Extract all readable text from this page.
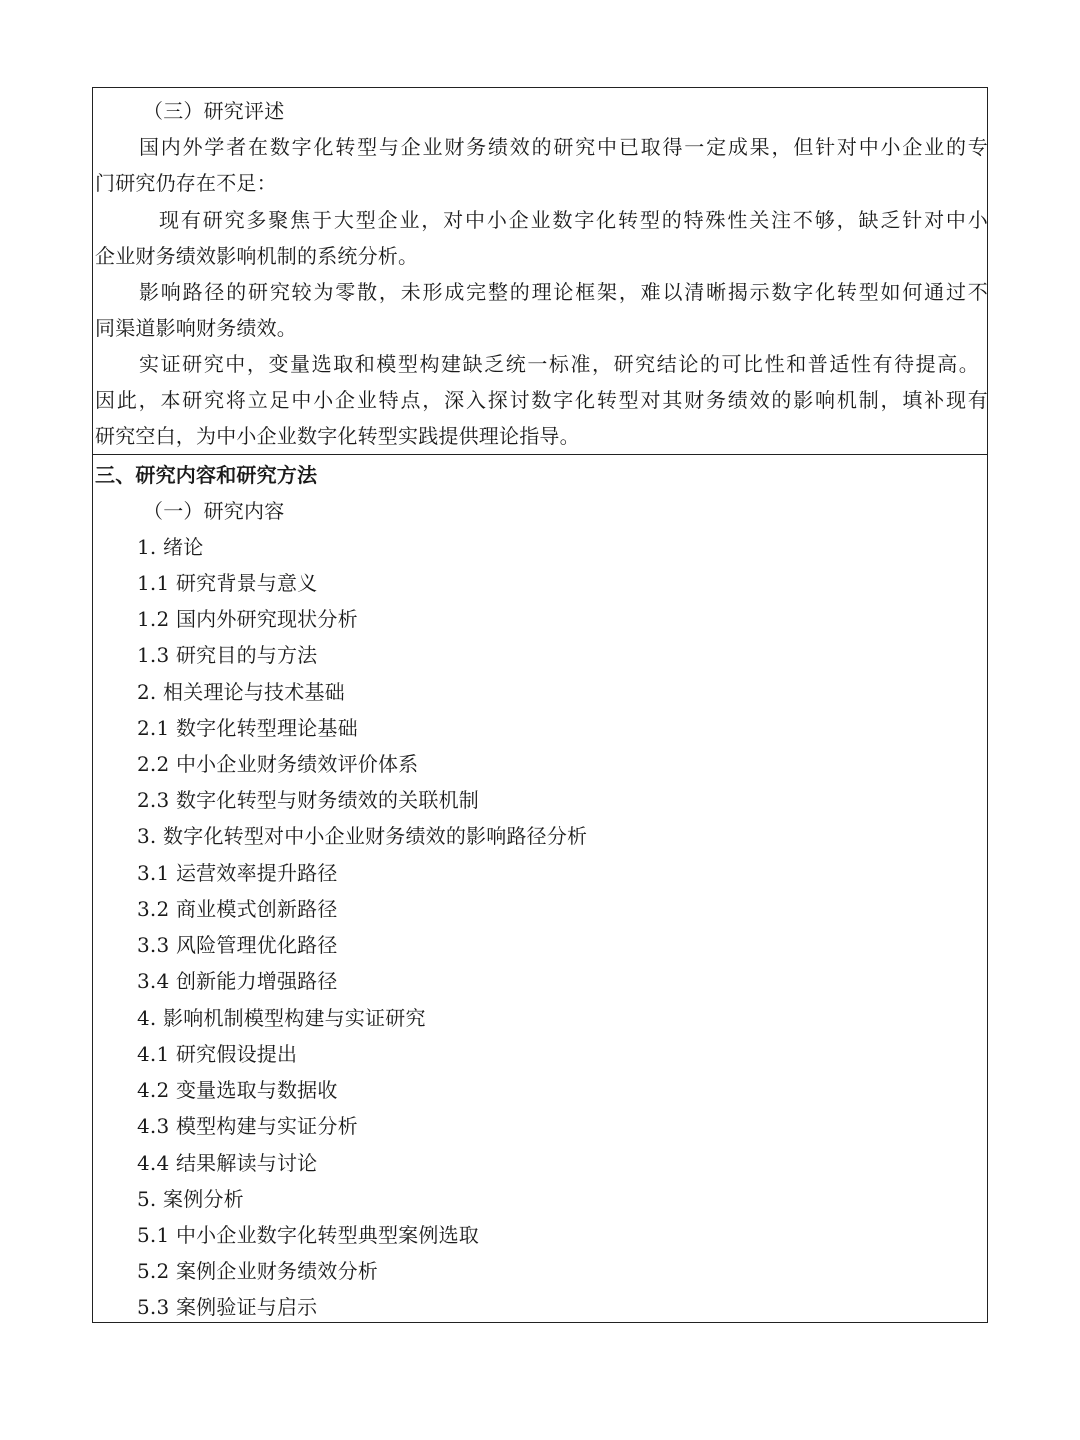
（三）研究评述
国内外学者在数字化转型与企业财务绩效的研究中已取得一定成果，但针对中小企业的专
门研究仍存在不足：
现有研究多聚焦于大型企业，对中小企业数字化转型的特殊性关注不够，缺乏针对中小
企业财务绩效影响机制的系统分析。
影响路径的研究较为零散，未形成完整的理论框架，难以清晰揭示数字化转型如何通过不
同渠道影响财务绩效。
实证研究中，变量选取和模型构建缺乏统一标准，研究结论的可比性和普适性有待提高。
因此，本研究将立足中小企业特点，深入探讨数字化转型对其财务绩效的影响机制，填补现有
研究空白，为中小企业数字化转型实践提供理论指导。
三、研究内容和研究方法
（一）研究内容
1. 绪论
1.1 研究背景与意义
1.2 国内外研究现状分析
1.3 研究目的与方法
2. 相关理论与技术基础
2.1 数字化转型理论基础
2.2 中小企业财务绩效评价体系
2.3 数字化转型与财务绩效的关联机制
3. 数字化转型对中小企业财务绩效的影响路径分析
3.1 运营效率提升路径
3.2 商业模式创新路径
3.3 风险管理优化路径
3.4 创新能力增强路径
4. 影响机制模型构建与实证研究
4.1 研究假设提出
4.2 变量选取与数据收
4.3 模型构建与实证分析
4.4 结果解读与讨论
5. 案例分析
5.1 中小企业数字化转型典型案例选取
5.2 案例企业财务绩效分析
5.3 案例验证与启示
